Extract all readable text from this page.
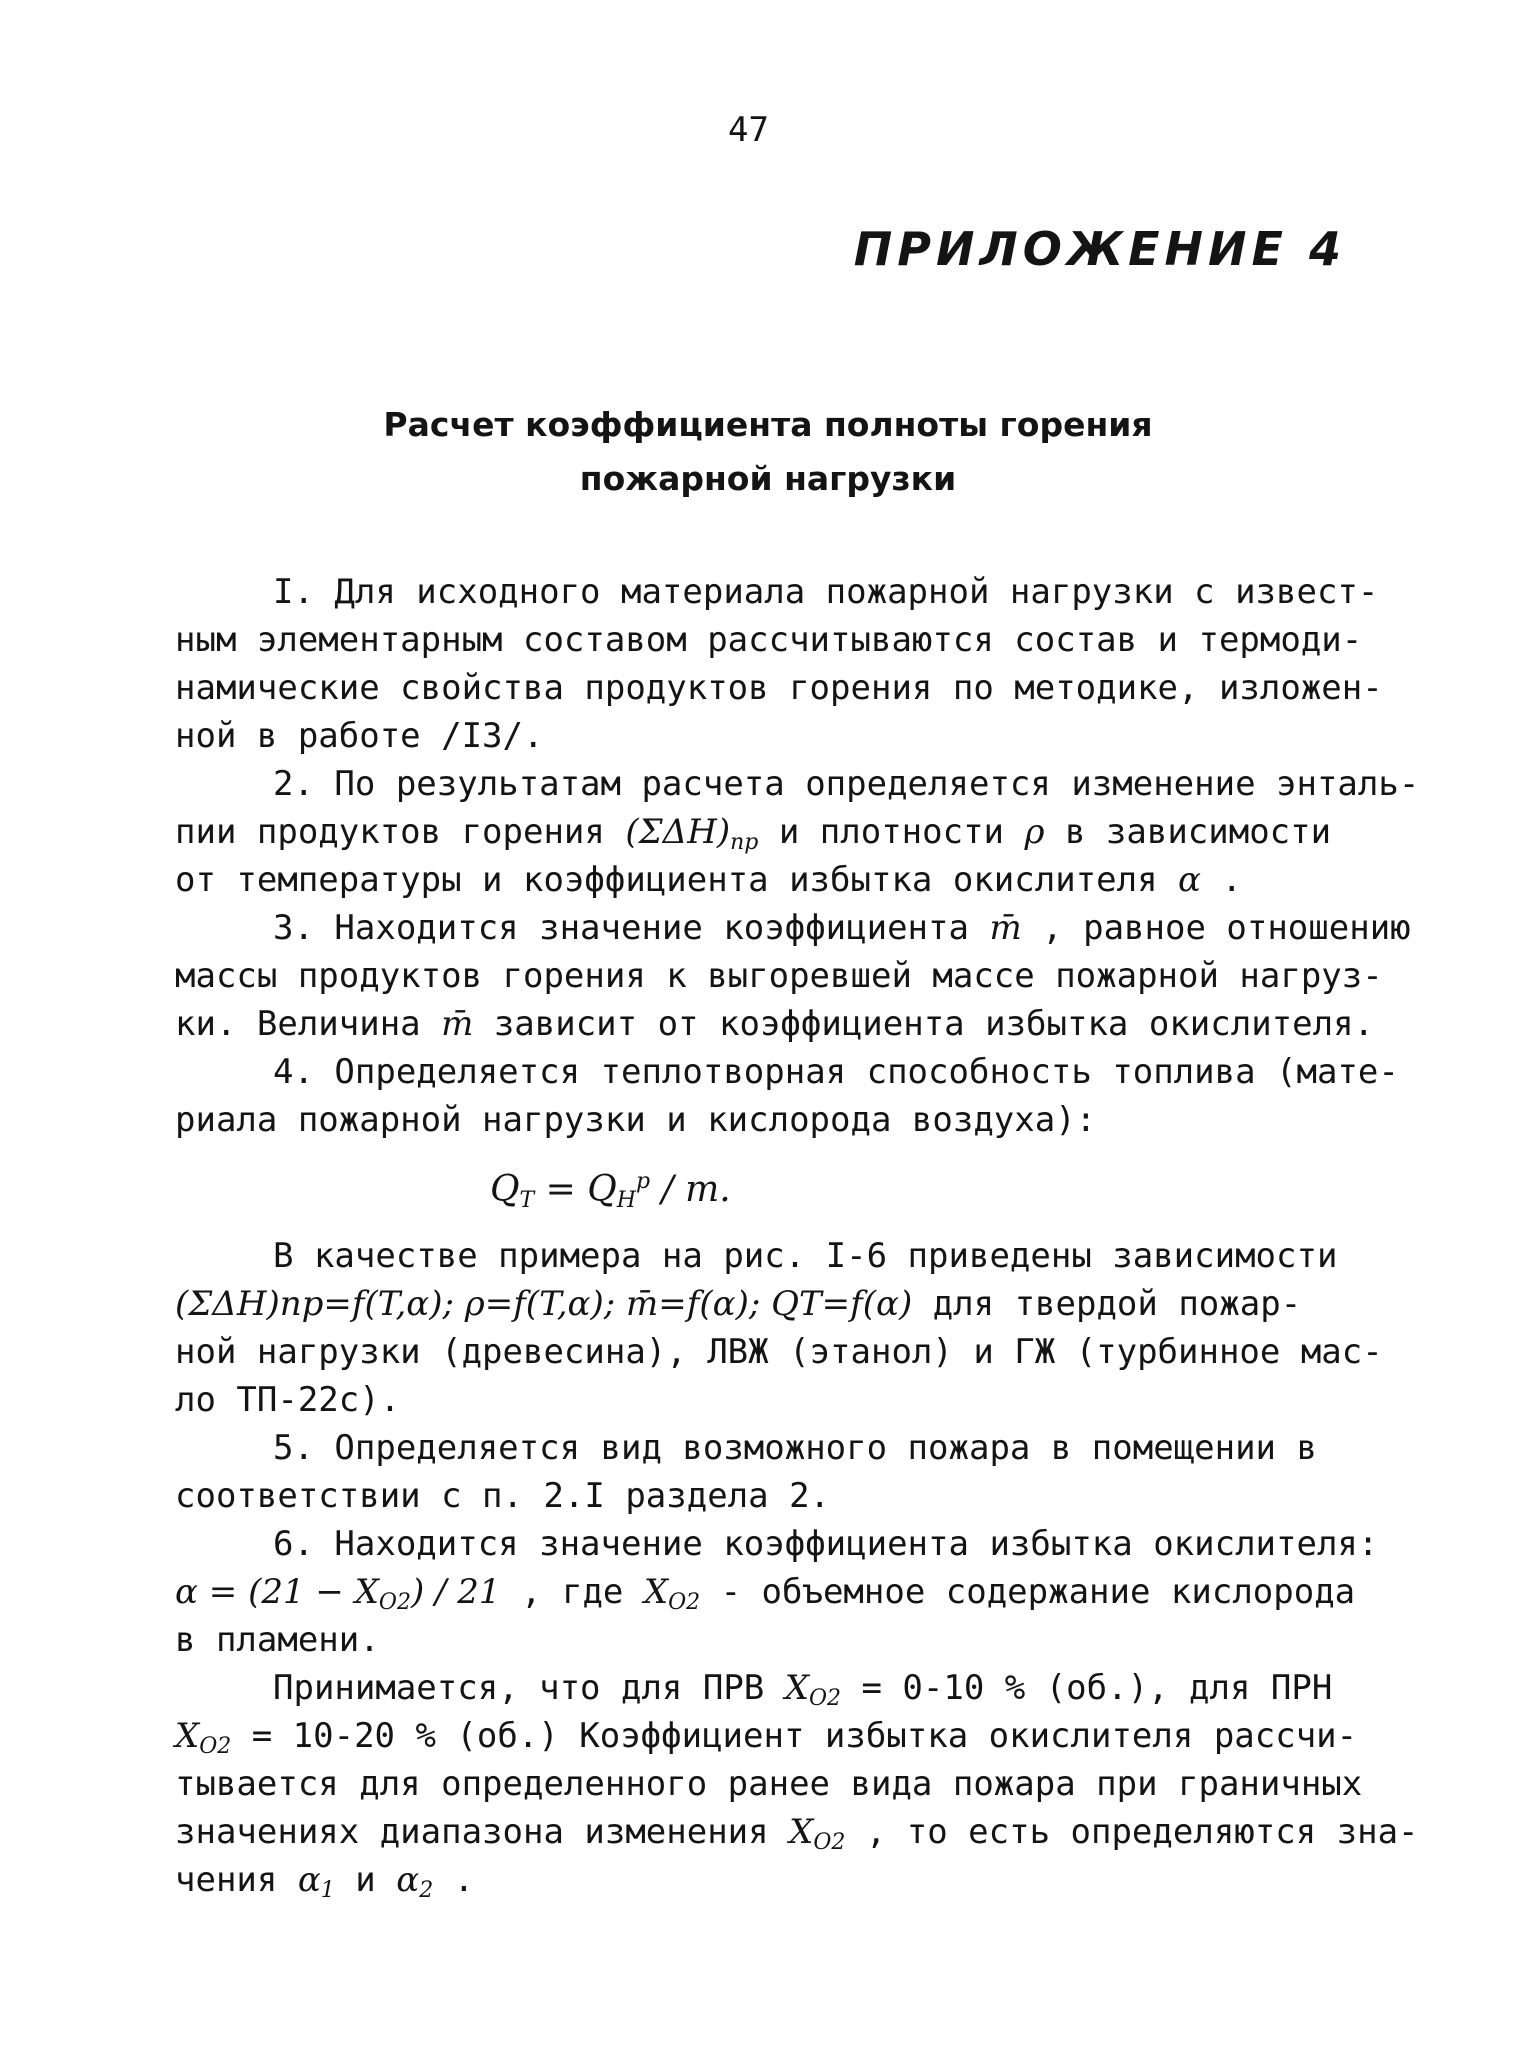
47
ПРИЛОЖЕНИЕ 4
Расчет коэффициента полноты горения
пожарной нагрузки

I. Для исходного материала пожарной нагрузки с извест-
ным элементарным составом рассчитываются состав и термоди-
намические свойства продуктов горения по методике, изложен-
ной в работе /I3/.

2. По результатам расчета определяется изменение энталь-
пии продуктов горения $(\Sigma\Delta H)_{пр}$ и плотности ρ в зависимости
от температуры и коэффициента избытка окислителя α .

3. Находится значение коэффициента m̄ , равное отношению
массы продуктов горения к выгоревшей массе пожарной нагруз-
ки. Величина m̄ зависит от коэффициента избытка окислителя.

4. Определяется теплотворная способность топлива (мате-
риала пожарной нагрузки и кислорода воздуха):
$Q_T = Q_H^p / m$.

В качестве примера на рис. I-6 приведены зависимости
(ΣΔH)пр=f(T,α); ρ=f(T,α); m̄=f(α); QT=f(α) для твердой пожар-
ной нагрузки (древесина), ЛВЖ (этанол) и ГЖ (турбинное мас-
ло ТП-22с).

5. Определяется вид возможного пожара в помещении в
соответствии с п. 2.I раздела 2.

6. Находится значение коэффициента избытка окислителя:
$\alpha = (21 - X_{O2}) / 21$ , где $X_{O2}$ - объемное содержание кислорода
в пламени.

Принимается, что для ПРВ $X_{O2} = 0-10$ % (об.), для ПРН
$X_{O2} = 10-20$ % (об.) Коэффициент избытка окислителя рассчи-
тывается для определенного ранее вида пожара при граничных
значениях диапазона изменения $X_{O2}$ , то есть определяются зна-
чения $\alpha_1$ и $\alpha_2$ .
